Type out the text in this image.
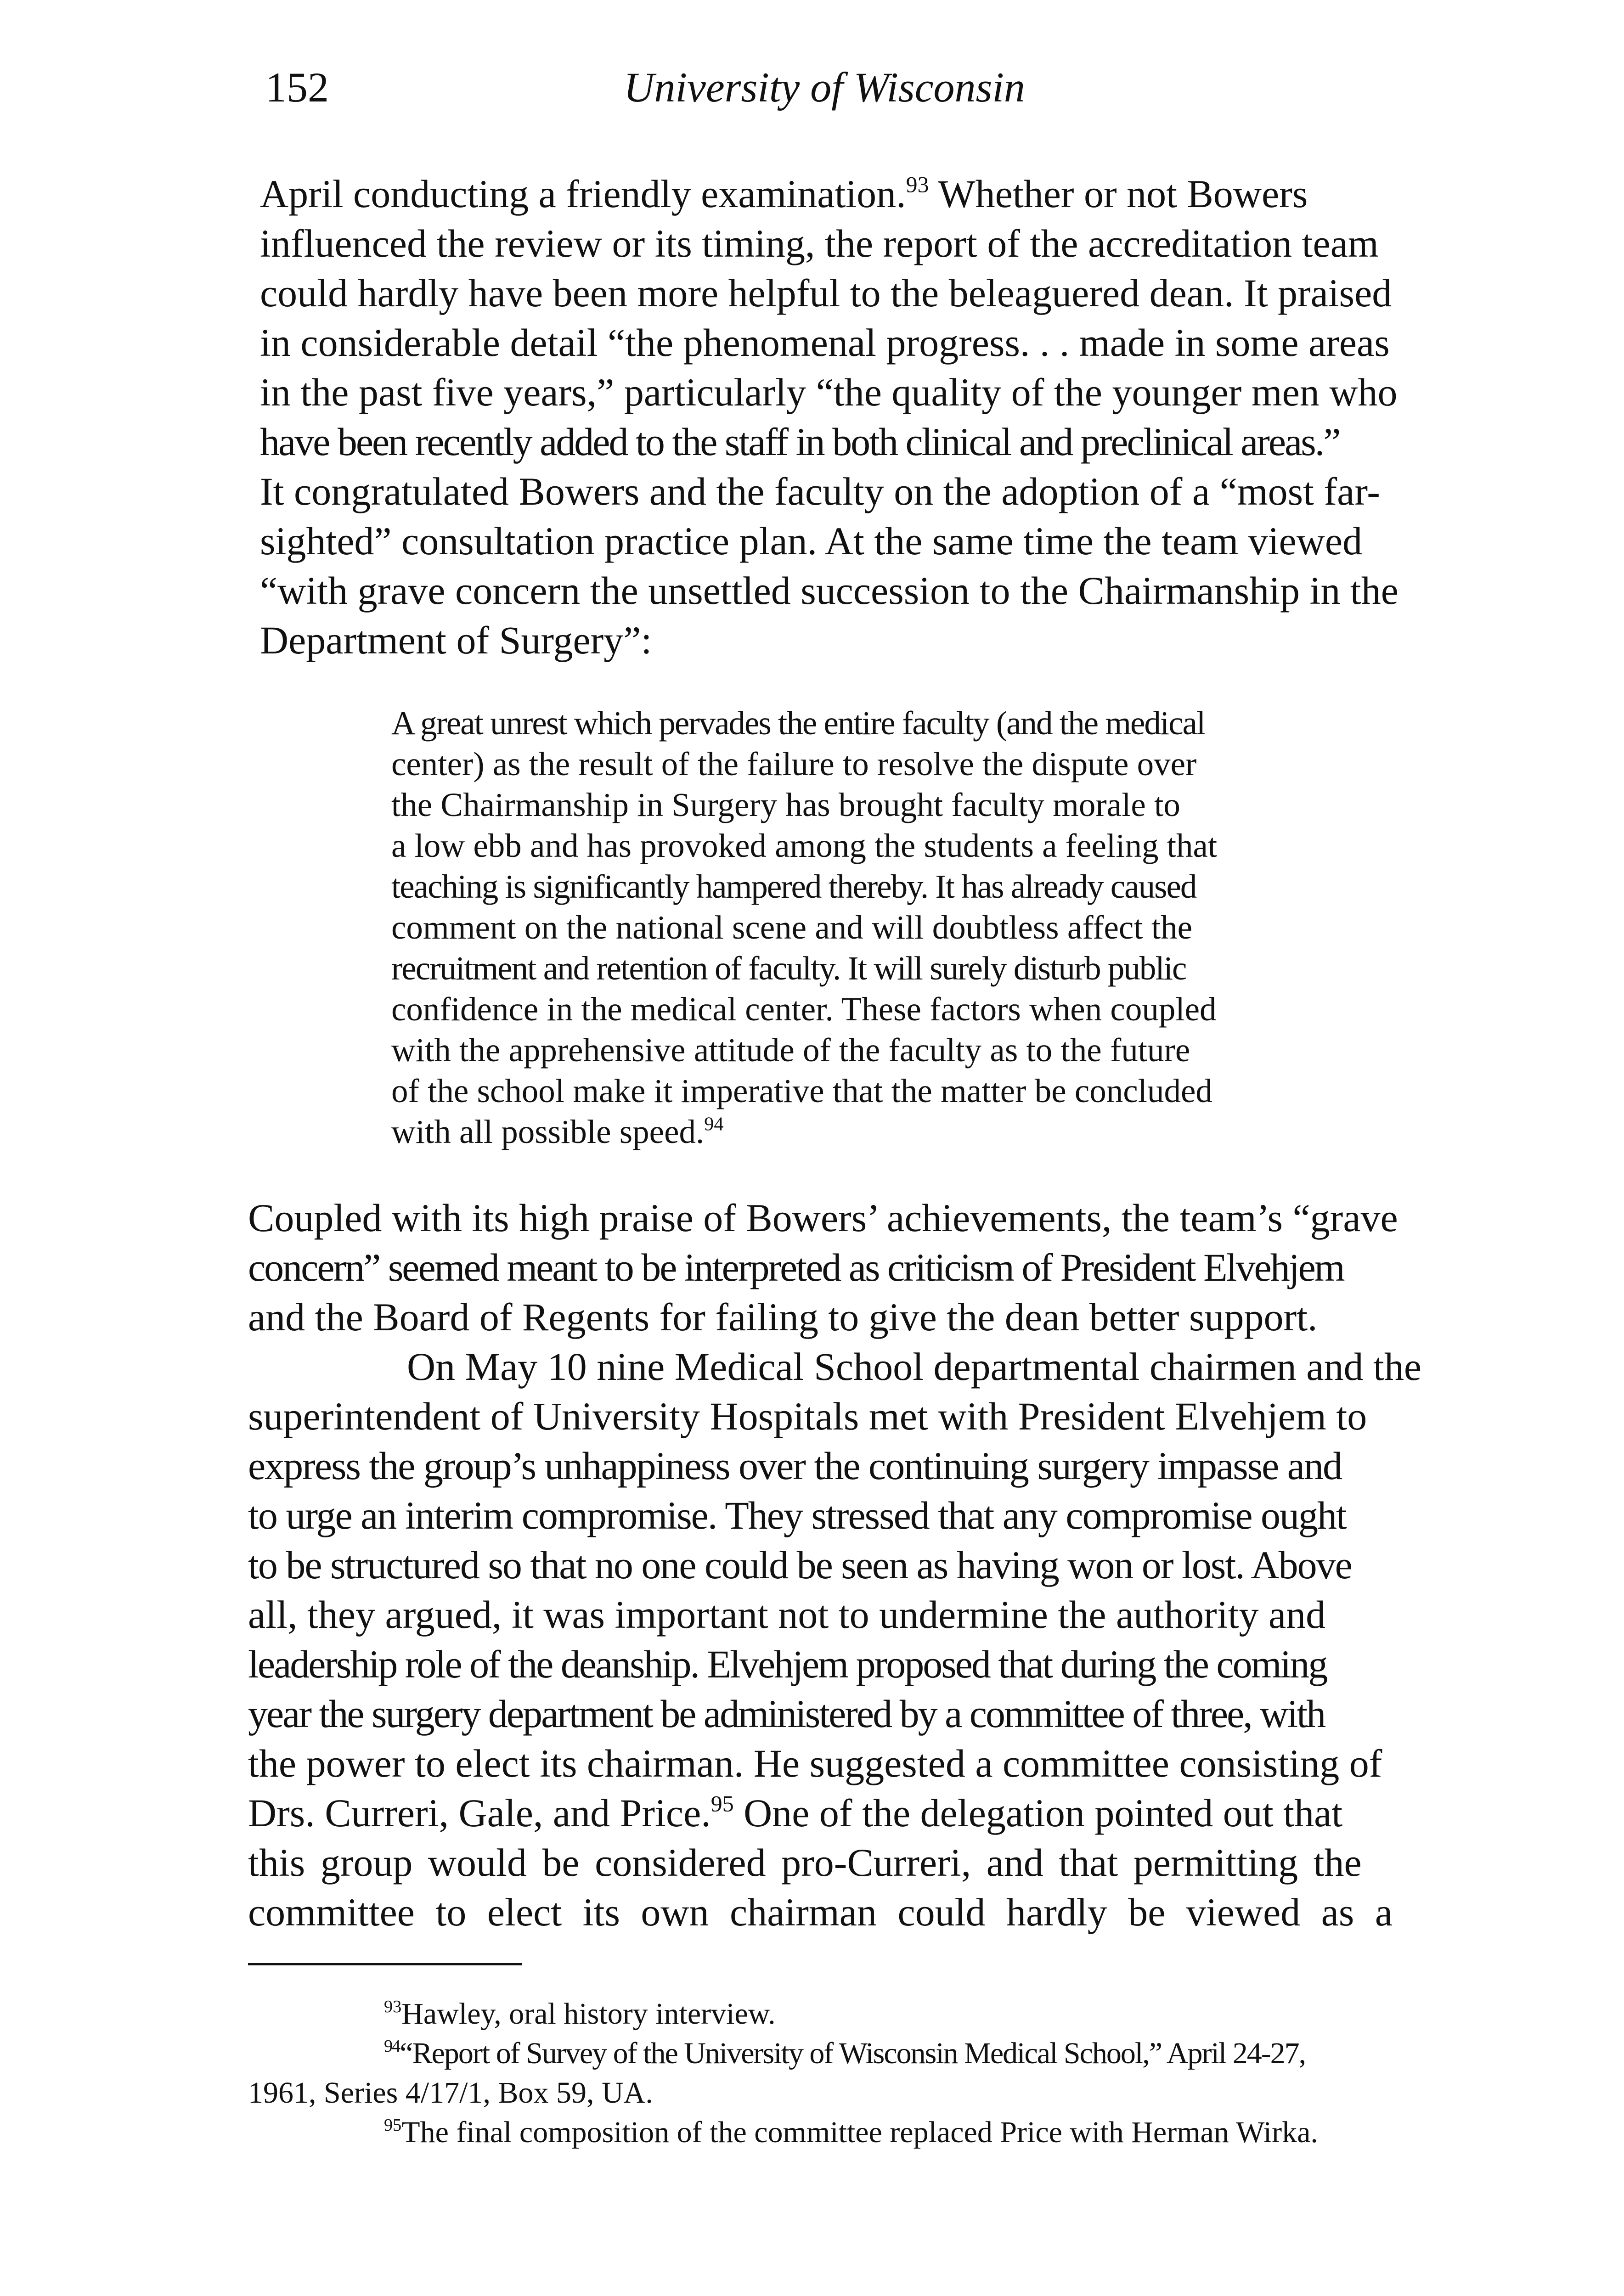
152	University of Wisconsin
April conducting a friendly examination.$^{93}$ Whether or not Bowers
influenced the review or its timing, the report of the accreditation team
could hardly have been more helpful to the beleaguered dean. It praised
in considerable detail “the phenomenal progress. . . made in some areas
in the past five years,” particularly “the quality of the younger men who
have been recently added to the staff in both clinical and preclinical areas.”
It congratulated Bowers and the faculty on the adoption of a “most far-
sighted” consultation practice plan. At the same time the team viewed
“with grave concern the unsettled succession to the Chairmanship in the
Department of Surgery”:
A great unrest which pervades the entire faculty (and the medical
center) as the result of the failure to resolve the dispute over
the Chairmanship in Surgery has brought faculty morale to
a low ebb and has provoked among the students a feeling that
teaching is significantly hampered thereby. It has already caused
comment on the national scene and will doubtless affect the
recruitment and retention of faculty. It will surely disturb public
confidence in the medical center. These factors when coupled
with the apprehensive attitude of the faculty as to the future
of the school make it imperative that the matter be concluded
with all possible speed.$^{94}$
Coupled with its high praise of Bowers’ achievements, the team’s “grave
concern” seemed meant to be interpreted as criticism of President Elvehjem
and the Board of Regents for failing to give the dean better support.
On May 10 nine Medical School departmental chairmen and the
superintendent of University Hospitals met with President Elvehjem to
express the group’s unhappiness over the continuing surgery impasse and
to urge an interim compromise. They stressed that any compromise ought
to be structured so that no one could be seen as having won or lost. Above
all, they argued, it was important not to undermine the authority and
leadership role of the deanship. Elvehjem proposed that during the coming
year the surgery department be administered by a committee of three, with
the power to elect its chairman. He suggested a committee consisting of
Drs. Curreri, Gale, and Price.$^{95}$ One of the delegation pointed out that
this group would be considered pro-Curreri, and that permitting the
committee to elect its own chairman could hardly be viewed as a
$^{93}$Hawley, oral history interview.
$^{94}$“Report of Survey of the University of Wisconsin Medical School,” April 24-27,
1961, Series 4/17/1, Box 59, UA.
$^{95}$The final composition of the committee replaced Price with Herman Wirka.
